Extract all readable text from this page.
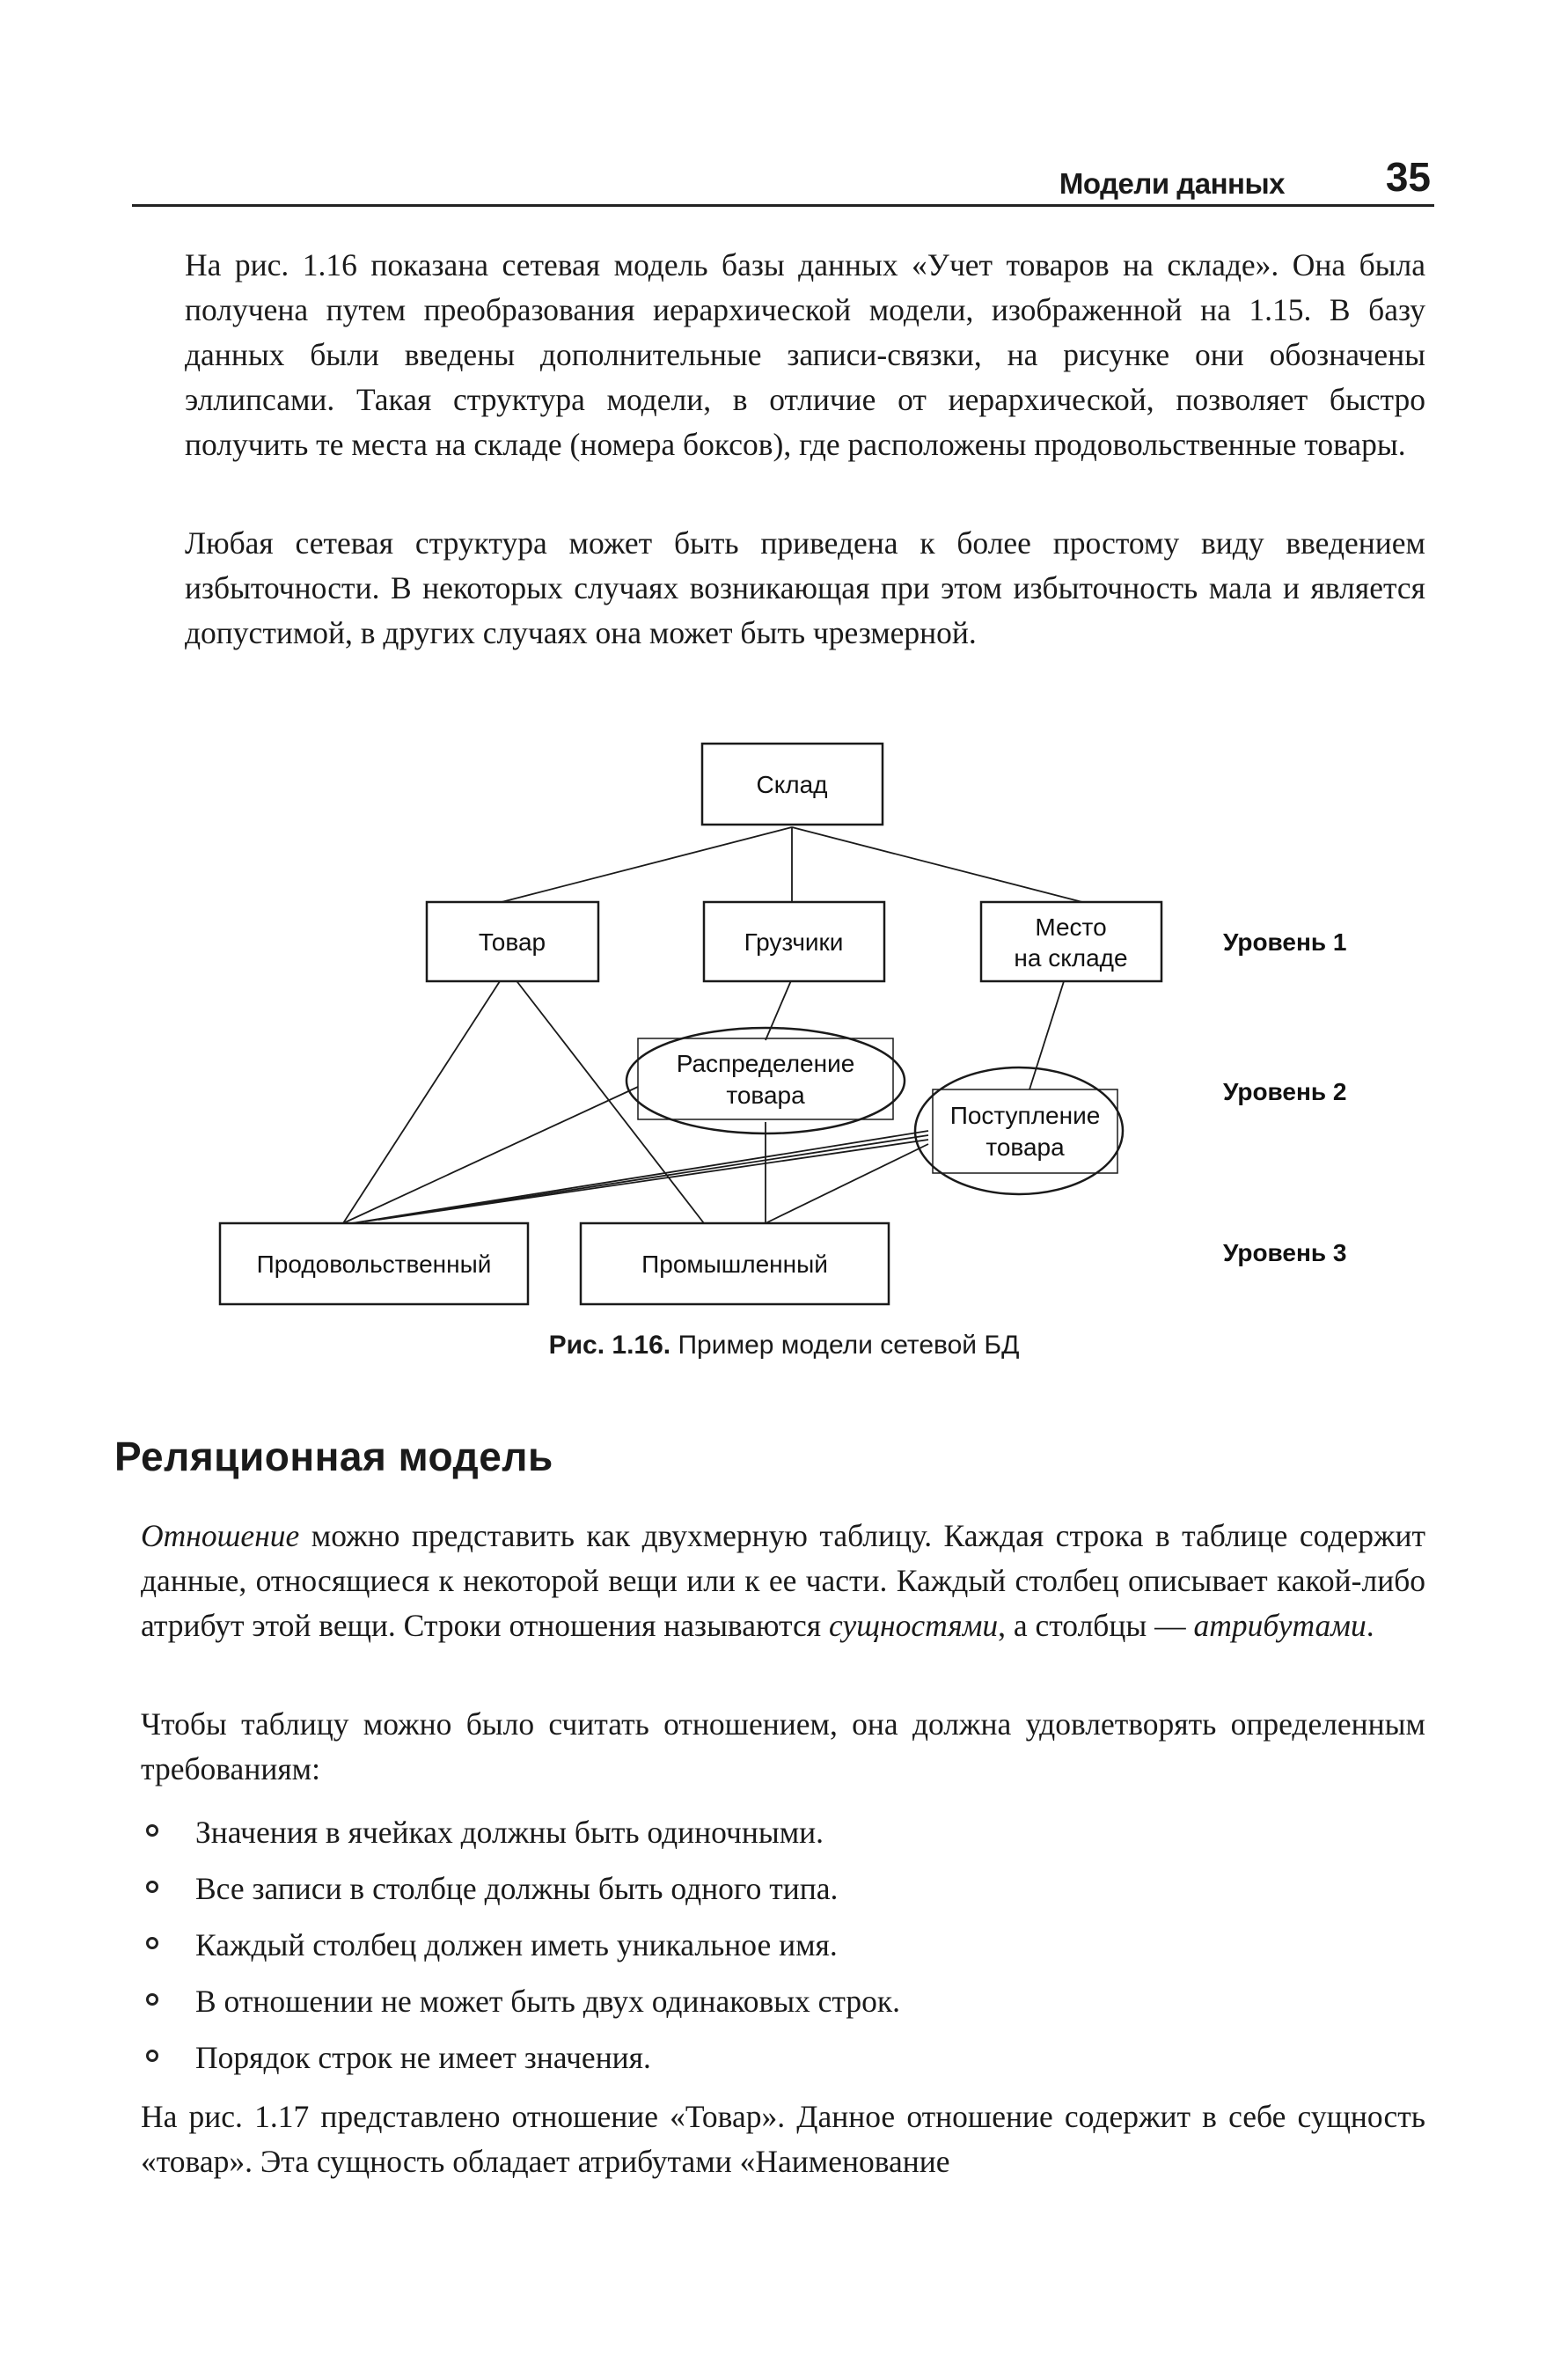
Модели данных 35

На рис. 1.16 показана сетевая модель базы данных «Учет товаров на складе». Она была получена путем преобразования иерархической модели, изображенной на 1.15. В базу данных были введены дополнительные записи-связки, на рисунке они обозначены эллипсами. Такая структура модели, в отличие от иерархической, позволяет быстро получить те места на складе (номера боксов), где расположены продовольственные товары.

Любая сетевая структура может быть приведена к более простому виду введением избыточности. В некоторых случаях возникающая при этом избыточность мала и является допустимой, в других случаях она может быть чрезмерной.

Склад
Товар	Грузчики
Место
на складе
Распределение
товара
Поступление
товара
Продовольственный	Промышленный
Уровень 1
Уровень 2
Уровень 3
Рис. 1.16. Пример модели сетевой БД
Реляционная модель

Отношение можно представить как двухмерную таблицу. Каждая строка в таблице содержит данные, относящиеся к некоторой вещи или к ее части. Каждый столбец описывает какой-либо атрибут этой вещи. Строки отношения называются сущностями, а столбцы — атрибутами.

Чтобы таблицу можно было считать отношением, она должна удовлетворять определенным требованиям:

Значения в ячейках должны быть одиночными.
Все записи в столбце должны быть одного типа.
Каждый столбец должен иметь уникальное имя.
В отношении не может быть двух одинаковых строк.
Порядок строк не имеет значения.

На рис. 1.17 представлено отношение «Товар». Данное отношение содержит в себе сущность «товар». Эта сущность обладает атрибутами «Наименование
